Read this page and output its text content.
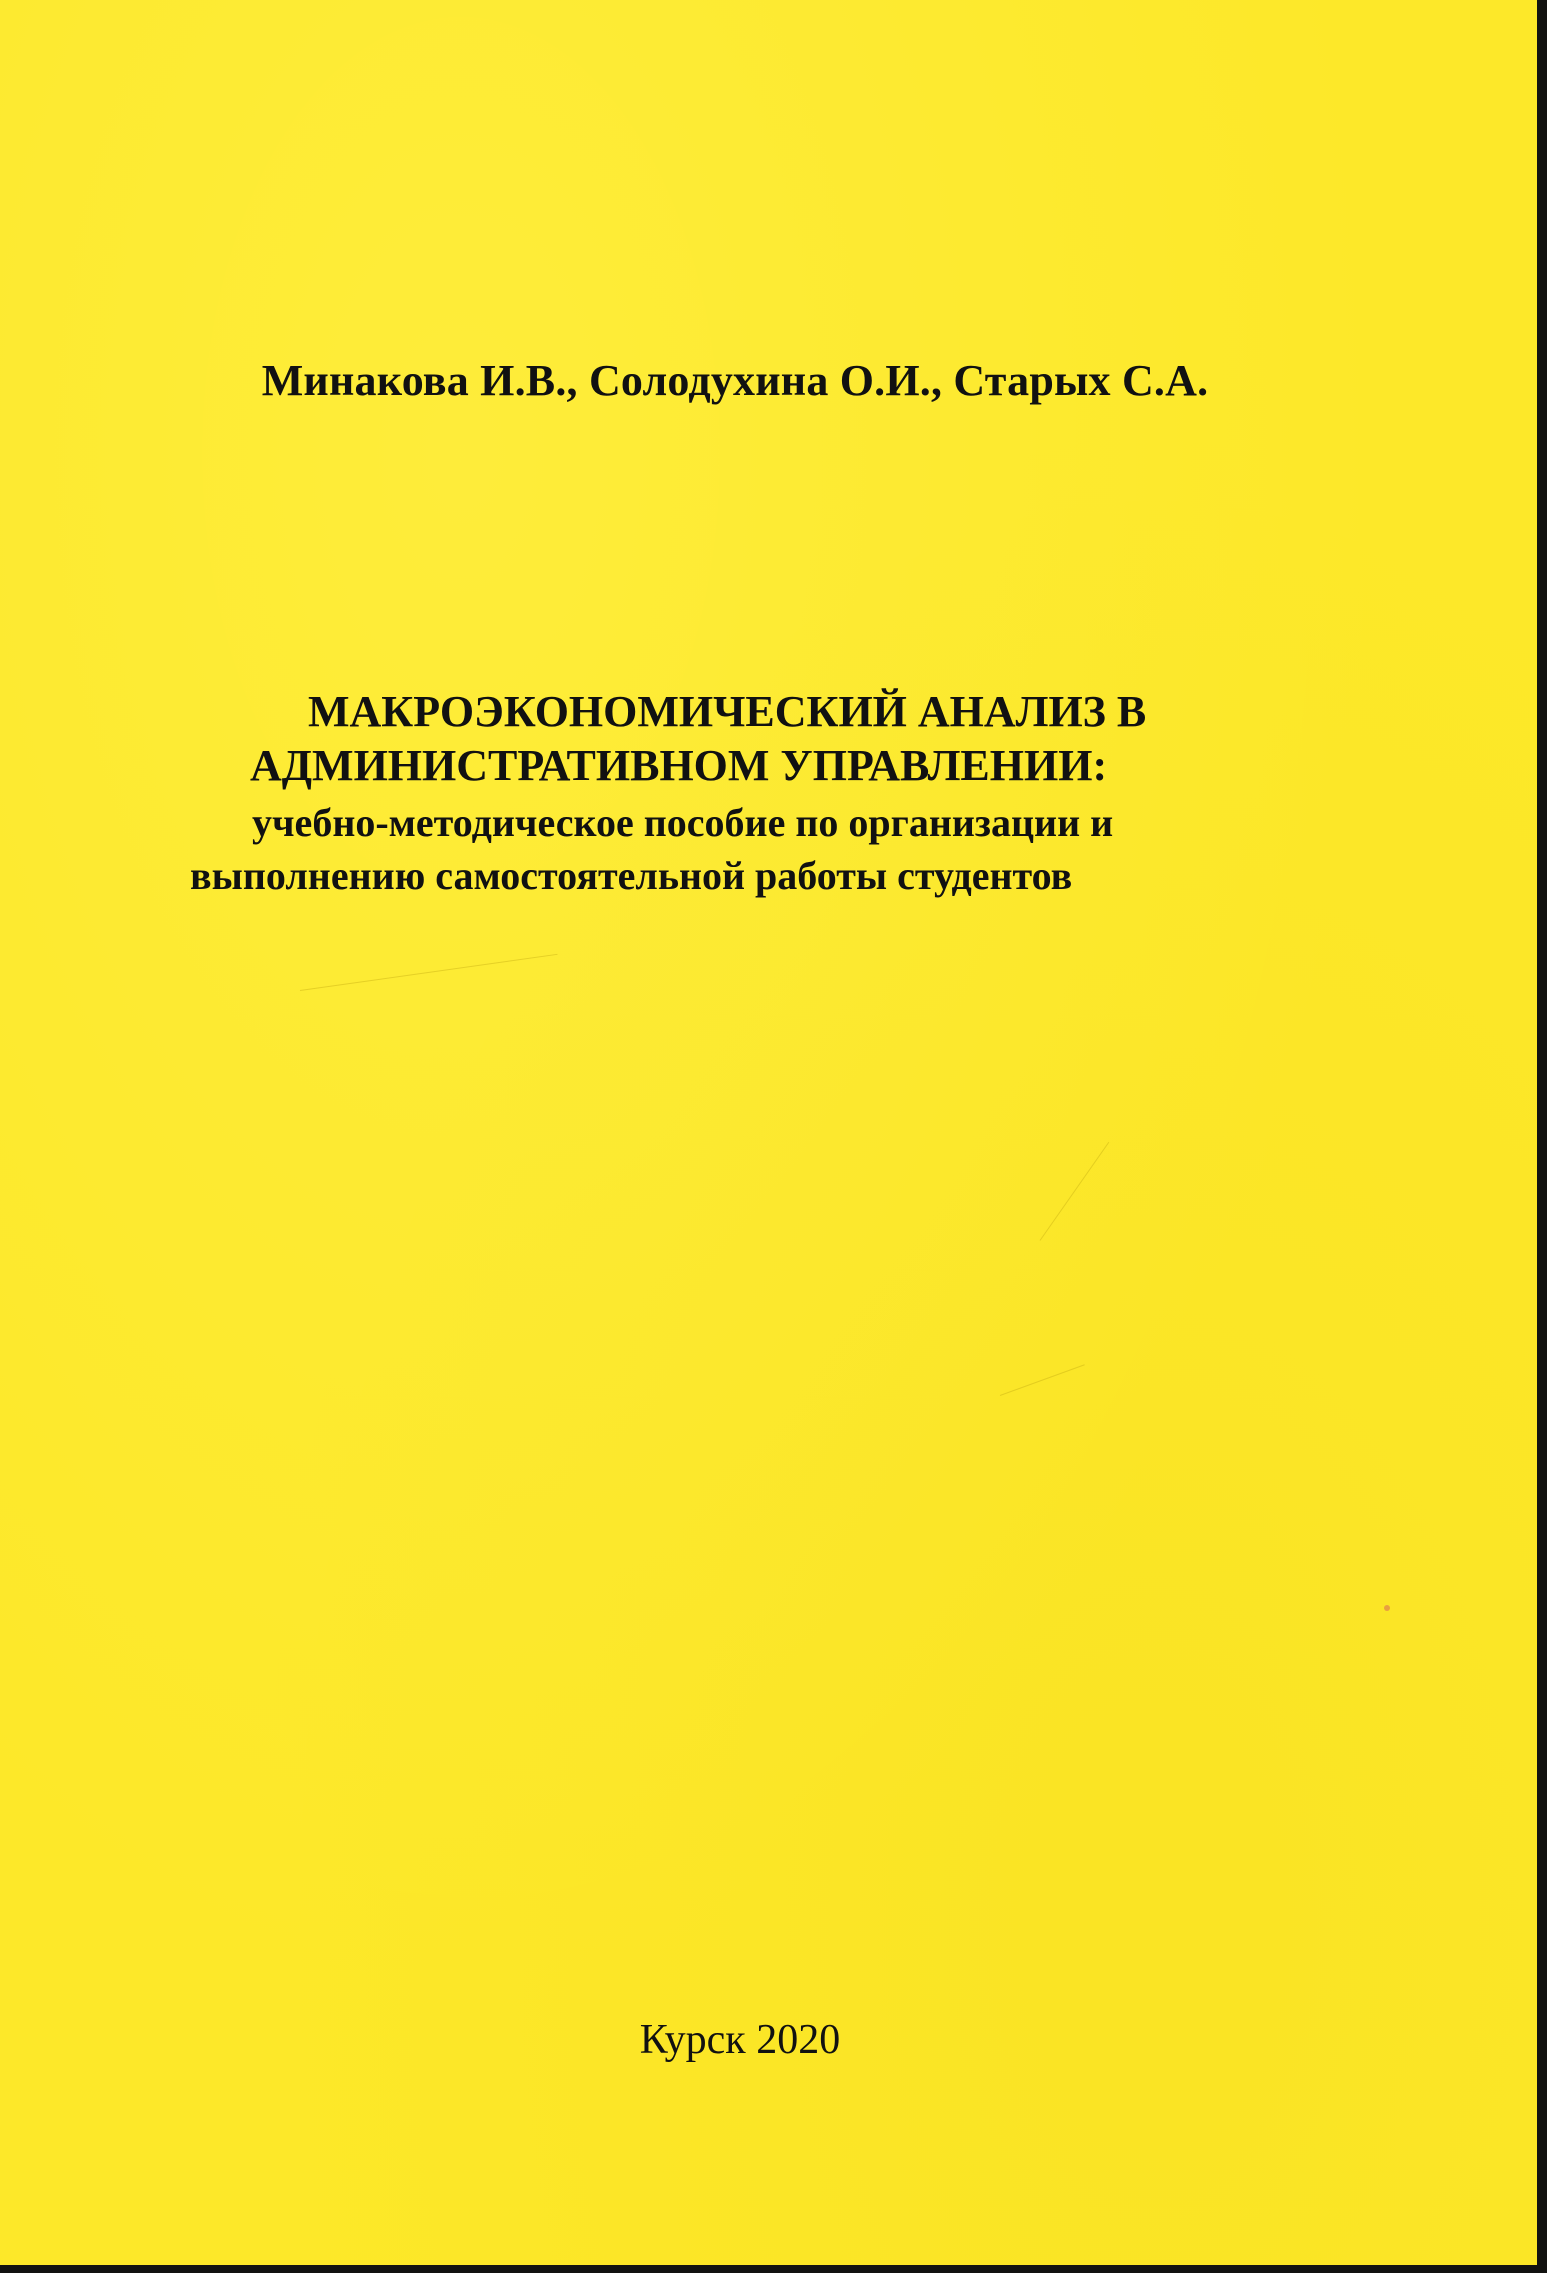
Минакова И.В., Солодухина О.И., Старых С.А.
МАКРОЭКОНОМИЧЕСКИЙ АНАЛИЗ В
АДМИНИСТРАТИВНОМ УПРАВЛЕНИИ:
учебно-методическое пособие по организации и
выполнению самостоятельной работы студентов
Курск 2020
